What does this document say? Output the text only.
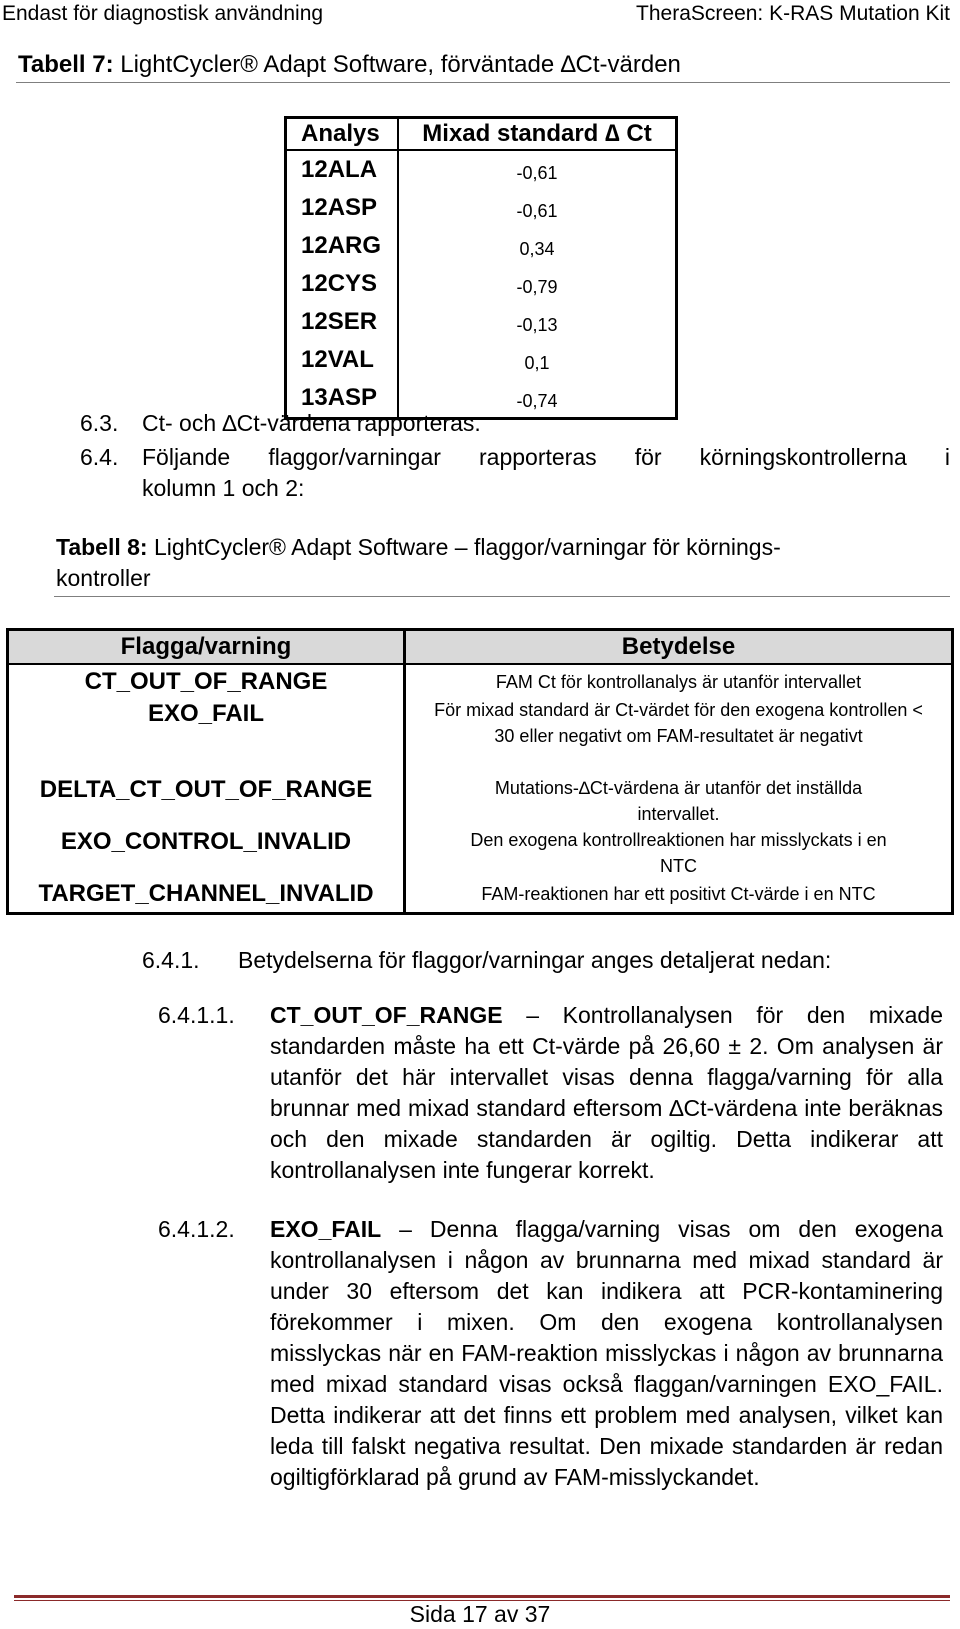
Endast för diagnostisk användning	TheraScreen: K-RAS Mutation Kit
Tabell 7: LightCycler® Adapt Software, förväntade ∆Ct-värden
Analys	Mixad standard ∆ Ct
12ALA	-0,61
12ASP	-0,61
12ARG	0,34
12CYS	-0,79
12SER	-0,13
12VAL	0,1
13ASP	-0,74
6.3. Ct- och ∆Ct-värdena rapporteras.
6.4. Följande flaggor/varningar rapporteras för körningskontrollerna i
kolumn 1 och 2:
Tabell 8: LightCycler® Adapt Software – flaggor/varningar för körnings-
kontroller
Flagga/varning	Betydelse
CT_OUT_OF_RANGE	FAM Ct för kontrollanalys är utanför intervallet
EXO_FAIL	För mixad standard är Ct-värdet för den exogena kontrollen < 30 eller negativt om FAM-resultatet är negativt
DELTA_CT_OUT_OF_RANGE	Mutations-∆Ct-värdena är utanför det inställda intervallet.
EXO_CONTROL_INVALID	Den exogena kontrollreaktionen har misslyckats i en NTC
TARGET_CHANNEL_INVALID	FAM-reaktionen har ett positivt Ct-värde i en NTC
6.4.1. Betydelserna för flaggor/varningar anges detaljerat nedan:
6.4.1.1. CT_OUT_OF_RANGE – Kontrollanalysen för den mixade standarden måste ha ett Ct-värde på 26,60 ± 2. Om analysen är utanför det här intervallet visas denna flagga/varning för alla brunnar med mixad standard eftersom ∆Ct-värdena inte beräknas och den mixade standarden är ogiltig. Detta indikerar att kontrollanalysen inte fungerar korrekt.
6.4.1.2. EXO_FAIL – Denna flagga/varning visas om den exogena kontrollanalysen i någon av brunnarna med mixad standard är under 30 eftersom det kan indikera att PCR-kontaminering förekommer i mixen. Om den exogena kontrollanalysen misslyckas när en FAM-reaktion misslyckas i någon av brunnarna med mixad standard visas också flaggan/varningen EXO_FAIL. Detta indikerar att det finns ett problem med analysen, vilket kan leda till falskt negativa resultat. Den mixade standarden är redan ogiltigförklarad på grund av FAM-misslyckandet.
Sida 17 av 37
